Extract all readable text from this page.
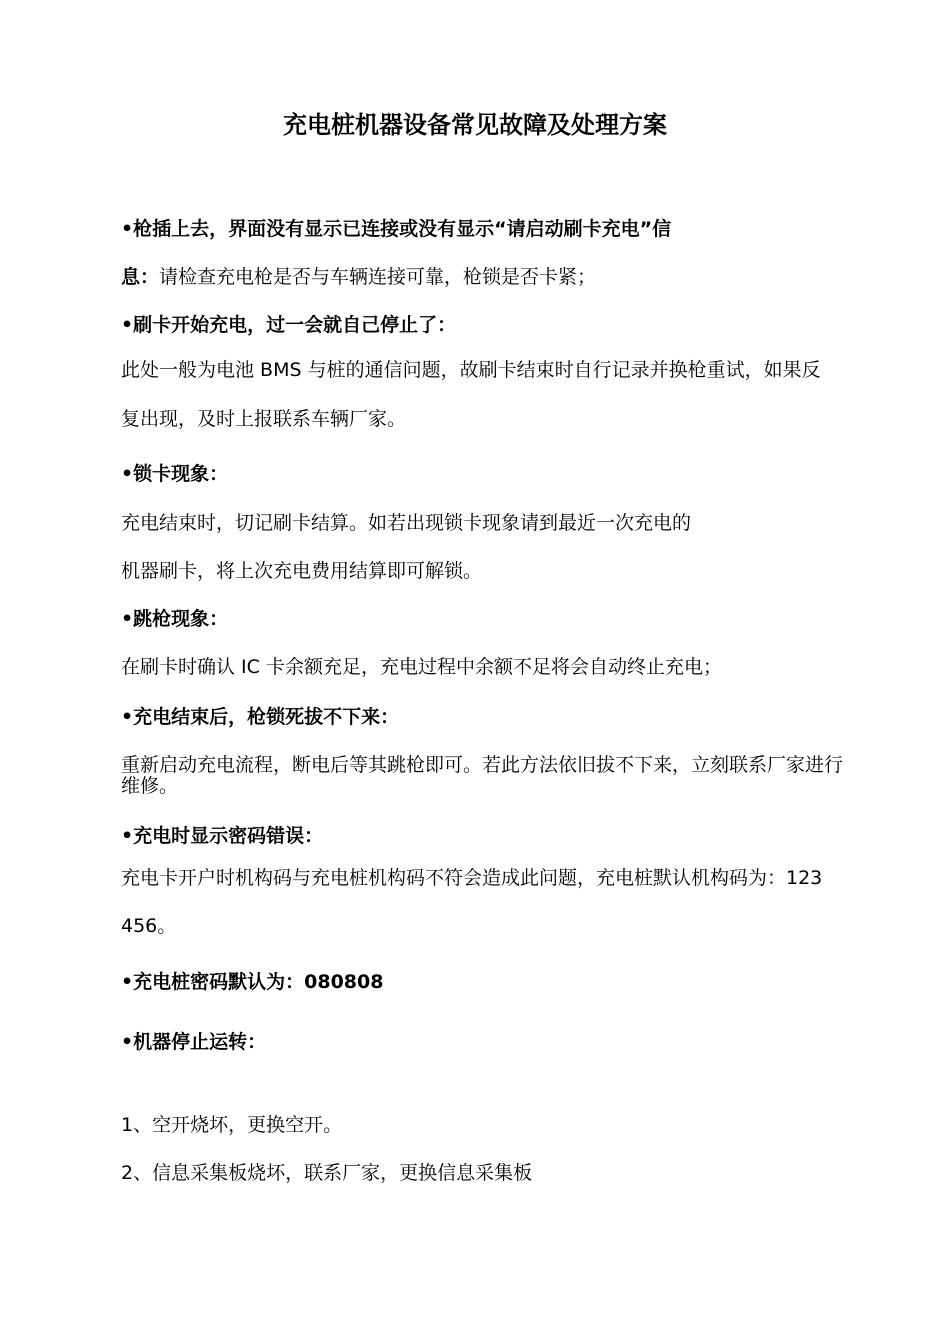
充电桩机器设备常见故障及处理方案
•枪插上去，界面没有显示已连接或没有显示“请启动刷卡充电”信
息：请检查充电枪是否与车辆连接可靠，枪锁是否卡紧；
•刷卡开始充电，过一会就自己停止了：
此处一般为电池 BMS 与桩的通信问题，故刷卡结束时自行记录并换枪重试，如果反
复出现，及时上报联系车辆厂家。
•锁卡现象：
充电结束时，切记刷卡结算。如若出现锁卡现象请到最近一次充电的
机器刷卡，将上次充电费用结算即可解锁。
•跳枪现象：
在刷卡时确认 IC 卡余额充足，充电过程中余额不足将会自动终止充电；
•充电结束后，枪锁死拔不下来：
重新启动充电流程，断电后等其跳枪即可。若此方法依旧拔不下来，立刻联系厂家进行维修。
•充电时显示密码错误：
充电卡开户时机构码与充电桩机构码不符会造成此问题，充电桩默认机构码为：123
456。
•充电桩密码默认为：080808
•机器停止运转：
1、空开烧坏，更换空开。
2、信息采集板烧坏，联系厂家，更换信息采集板
